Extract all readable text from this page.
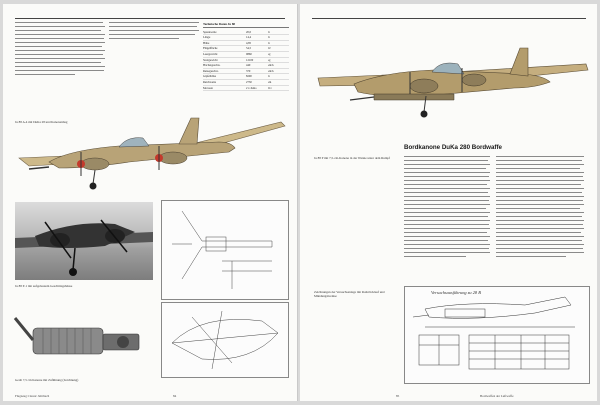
Technische Daten Ju 88
Spannweite	20,0	m
Länge	14,4	m
Höhe	4,85	m
Flügelfläche	54,5	m²
Leergewicht	9860	kg
Startgewicht	12100	kg
Höchstgeschw.	440	km/h
Reisegeschw.	370	km/h
Gipfelhöhe	8200	m
Reichweite	2730	km
Motoren	2 x Jumo	211
Ju 88 A-4 mit DuKa 28 und Kanonenbug
Ju 88 P-1 mit aufgebautem Geschützgehäuse
Gerät 7,5 cm Kanone mit Zuführung (Zeichnung)
Flugzeug Classic Jahrbuch	84
Ju 88 P mit 7,5-cm-Kanone in der Wanne unter dem Rumpf
Bordkanone DuKa 280 Bordwaffe
Zeichnungen der Versuchsanlage mit Rohrrücklauf und Mündungsbremse
Versuchsausführung zu 28 B
85	Bordwaffen der Luftwaffe
